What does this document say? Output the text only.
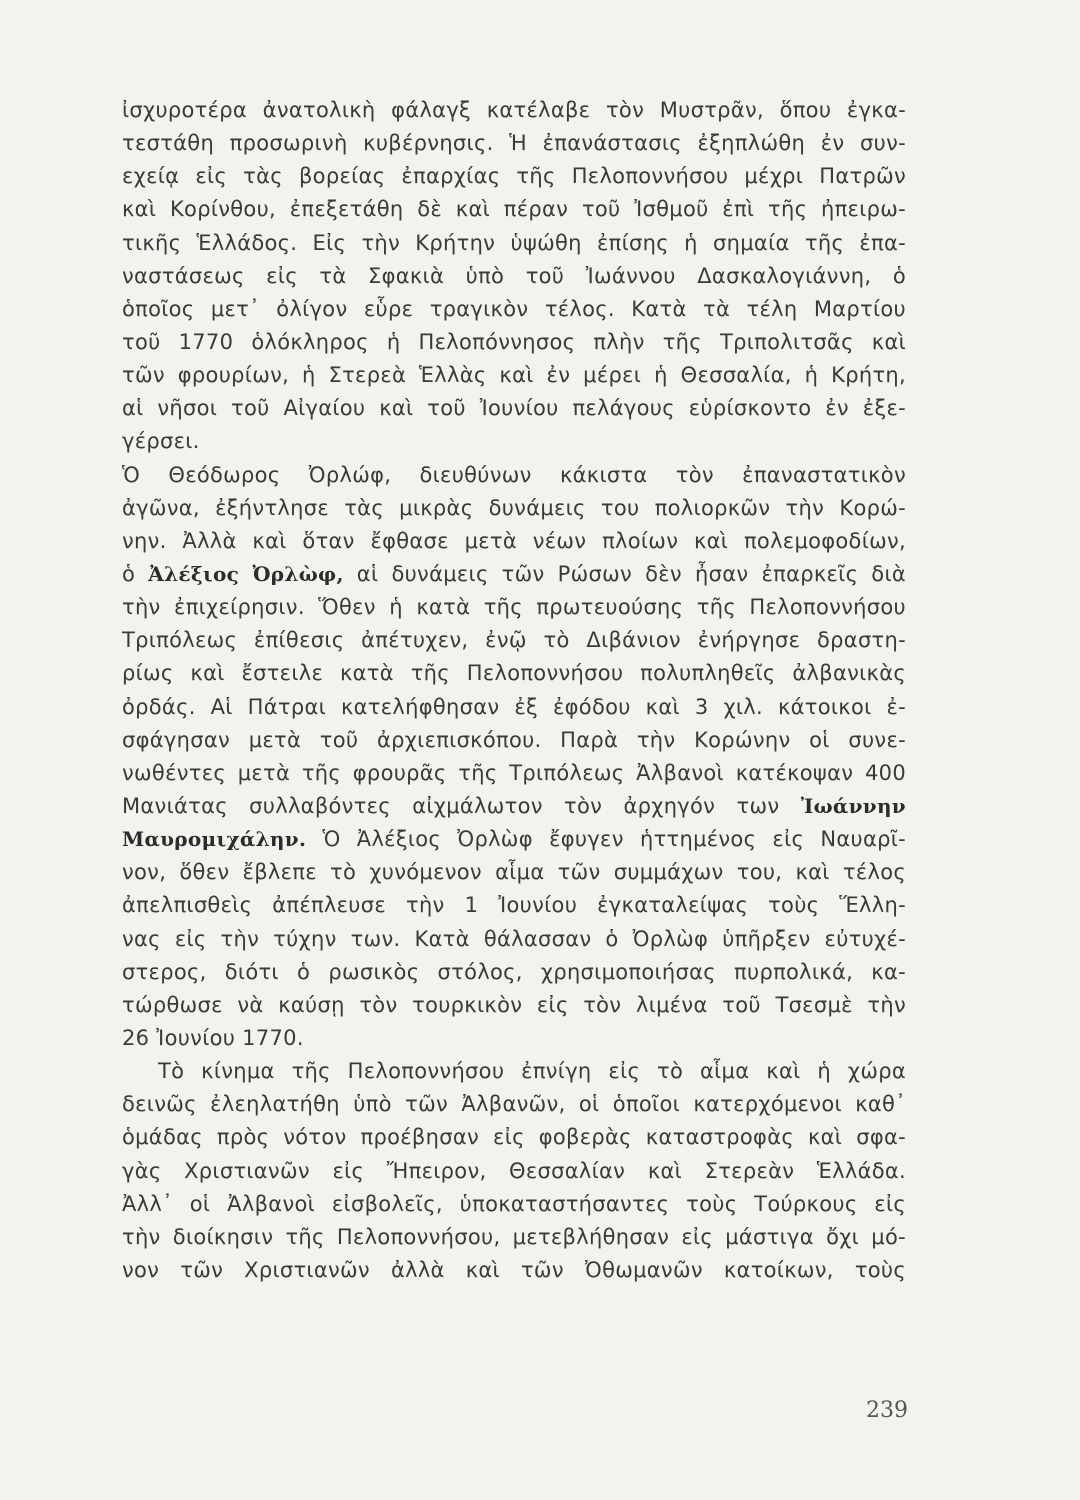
ἰσχυροτέρα ἀνατολικὴ φάλαγξ κατέλαβε τὸν Μυστρᾶν, ὅπου ἐγκα-
τεστάθη προσωρινὴ κυβέρνησις. Ἡ ἐπανάστασις ἐξηπλώθη ἐν συν-
εχείᾳ εἰς τὰς βορείας ἐπαρχίας τῆς Πελοποννήσου μέχρι Πατρῶν
καὶ Κορίνθου, ἐπεξετάθη δὲ καὶ πέραν τοῦ Ἰσθμοῦ ἐπὶ τῆς ἠπειρω-
τικῆς Ἑλλάδος. Εἰς τὴν Κρήτην ὑψώθη ἐπίσης ἡ σημαία τῆς ἐπα-
ναστάσεως εἰς τὰ Σφακιὰ ὑπὸ τοῦ Ἰωάννου Δασκαλογιάννη, ὁ
ὁποῖος μετ᾽ ὀλίγον εὗρε τραγικὸν τέλος. Κατὰ τὰ τέλη Μαρτίου
τοῦ 1770 ὁλόκληρος ἡ Πελοπόννησος πλὴν τῆς Τριπολιτσᾶς καὶ
τῶν φρουρίων, ἡ Στερεὰ Ἑλλὰς καὶ ἐν μέρει ἡ Θεσσαλία, ἡ Κρήτη,
αἱ νῆσοι τοῦ Αἰγαίου καὶ τοῦ Ἰουνίου πελάγους εὑρίσκοντο ἐν ἐξε-
γέρσει.
Ὁ Θεόδωρος Ὀρλώφ, διευθύνων κάκιστα τὸν ἐπαναστατικὸν
ἀγῶνα, ἐξήντλησε τὰς μικρὰς δυνάμεις του πολιορκῶν τὴν Κορώ-
νην. Ἀλλὰ καὶ ὅταν ἔφθασε μετὰ νέων πλοίων καὶ πολεμοφοδίων,
ὁ Ἀλέξιος Ὀρλὼφ, αἱ δυνάμεις τῶν Ρώσων δὲν ἦσαν ἐπαρκεῖς διὰ
τὴν ἐπιχείρησιν. Ὅθεν ἡ κατὰ τῆς πρωτευούσης τῆς Πελοποννήσου
Τριπόλεως ἐπίθεσις ἀπέτυχεν, ἐνῷ τὸ Διβάνιον ἐνήργησε δραστη-
ρίως καὶ ἔστειλε κατὰ τῆς Πελοποννήσου πολυπληθεῖς ἀλβανικὰς
ὀρδάς. Αἱ Πάτραι κατελήφθησαν ἐξ ἐφόδου καὶ 3 χιλ. κάτοικοι ἐ-
σφάγησαν μετὰ τοῦ ἀρχιεπισκόπου. Παρὰ τὴν Κορώνην οἱ συνε-
νωθέντες μετὰ τῆς φρουρᾶς τῆς Τριπόλεως Ἀλβανοὶ κατέκοψαν 400
Μανιάτας συλλαβόντες αἰχμάλωτον τὸν ἀρχηγόν των Ἰωάννην
Μαυρομιχάλην. Ὁ Ἀλέξιος Ὀρλὼφ ἔφυγεν ἡττημένος εἰς Ναυαρῖ-
νον, ὅθεν ἔβλεπε τὸ χυνόμενον αἷμα τῶν συμμάχων του, καὶ τέλος
ἀπελπισθεὶς ἀπέπλευσε τὴν 1 Ἰουνίου ἐγκαταλείψας τοὺς Ἕλλη-
νας εἰς τὴν τύχην των. Κατὰ θάλασσαν ὁ Ὀρλὼφ ὑπῆρξεν εὐτυχέ-
στερος, διότι ὁ ρωσικὸς στόλος, χρησιμοποιήσας πυρπολικά, κα-
τώρθωσε νὰ καύσῃ τὸν τουρκικὸν εἰς τὸν λιμένα τοῦ Τσεσμὲ τὴν
26 Ἰουνίου 1770.
Τὸ κίνημα τῆς Πελοποννήσου ἐπνίγη εἰς τὸ αἷμα καὶ ἡ χώρα
δεινῶς ἐλεηλατήθη ὑπὸ τῶν Ἀλβανῶν, οἱ ὁποῖοι κατερχόμενοι καθ᾽
ὁμάδας πρὸς νότον προέβησαν εἰς φοβερὰς καταστροφὰς καὶ σφα-
γὰς Χριστιανῶν εἰς Ἤπειρον, Θεσσαλίαν καὶ Στερεὰν Ἑλλάδα.
Ἀλλ᾽ οἱ Ἀλβανοὶ εἰσβολεῖς, ὑποκαταστήσαντες τοὺς Τούρκους εἰς
τὴν διοίκησιν τῆς Πελοποννήσου, μετεβλήθησαν εἰς μάστιγα ὄχι μό-
νον τῶν Χριστιανῶν ἀλλὰ καὶ τῶν Ὀθωμανῶν κατοίκων, τοὺς
239
